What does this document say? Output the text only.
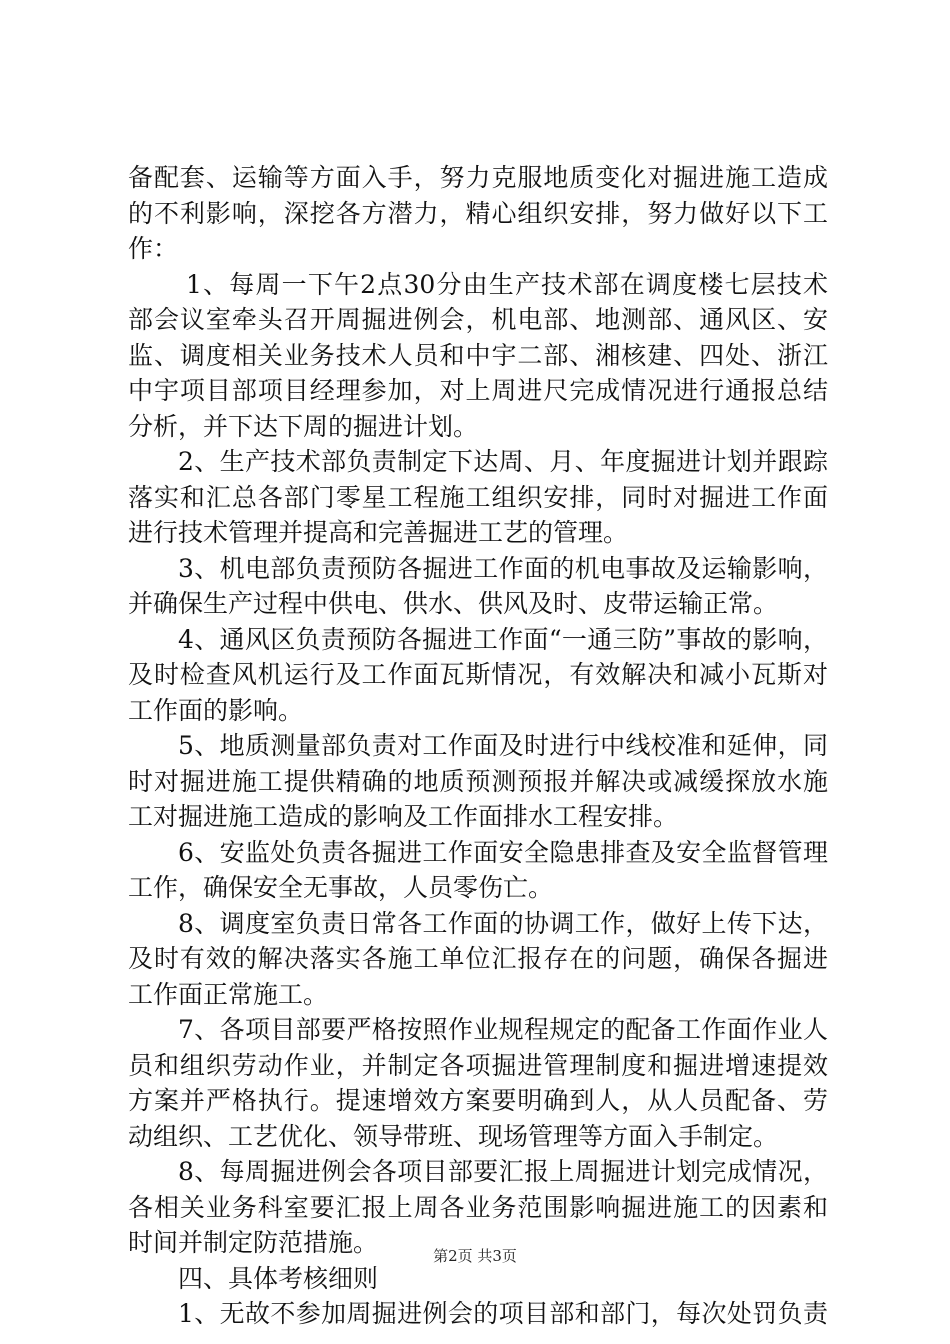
备配套、运输等方面入手，努力克服地质变化对掘进施工造成
的不利影响，深挖各方潜力，精心组织安排，努力做好以下工
作：
1、每周一下午2点30分由生产技术部在调度楼七层技术
部会议室牵头召开周掘进例会，机电部、地测部、通风区、安
监、调度相关业务技术人员和中宇二部、湘核建、四处、浙江
中宇项目部项目经理参加，对上周进尺完成情况进行通报总结
分析，并下达下周的掘进计划。
2、生产技术部负责制定下达周、月、年度掘进计划并跟踪
落实和汇总各部门零星工程施工组织安排，同时对掘进工作面
进行技术管理并提高和完善掘进工艺的管理。
3、机电部负责预防各掘进工作面的机电事故及运输影响，
并确保生产过程中供电、供水、供风及时、皮带运输正常。
4、通风区负责预防各掘进工作面“一通三防”事故的影响，
及时检查风机运行及工作面瓦斯情况，有效解决和减小瓦斯对
工作面的影响。
5、地质测量部负责对工作面及时进行中线校准和延伸，同
时对掘进施工提供精确的地质预测预报并解决或减缓探放水施
工对掘进施工造成的影响及工作面排水工程安排。
6、安监处负责各掘进工作面安全隐患排查及安全监督管理
工作，确保安全无事故，人员零伤亡。
8、调度室负责日常各工作面的协调工作，做好上传下达，
及时有效的解决落实各施工单位汇报存在的问题，确保各掘进
工作面正常施工。
7、各项目部要严格按照作业规程规定的配备工作面作业人
员和组织劳动作业，并制定各项掘进管理制度和掘进增速提效
方案并严格执行。提速增效方案要明确到人，从人员配备、劳
动组织、工艺优化、领导带班、现场管理等方面入手制定。
8、每周掘进例会各项目部要汇报上周掘进计划完成情况，
各相关业务科室要汇报上周各业务范围影响掘进施工的因素和
时间并制定防范措施。
四、具体考核细则
1、无故不参加周掘进例会的项目部和部门，每次处罚负责
第2页 共3页
